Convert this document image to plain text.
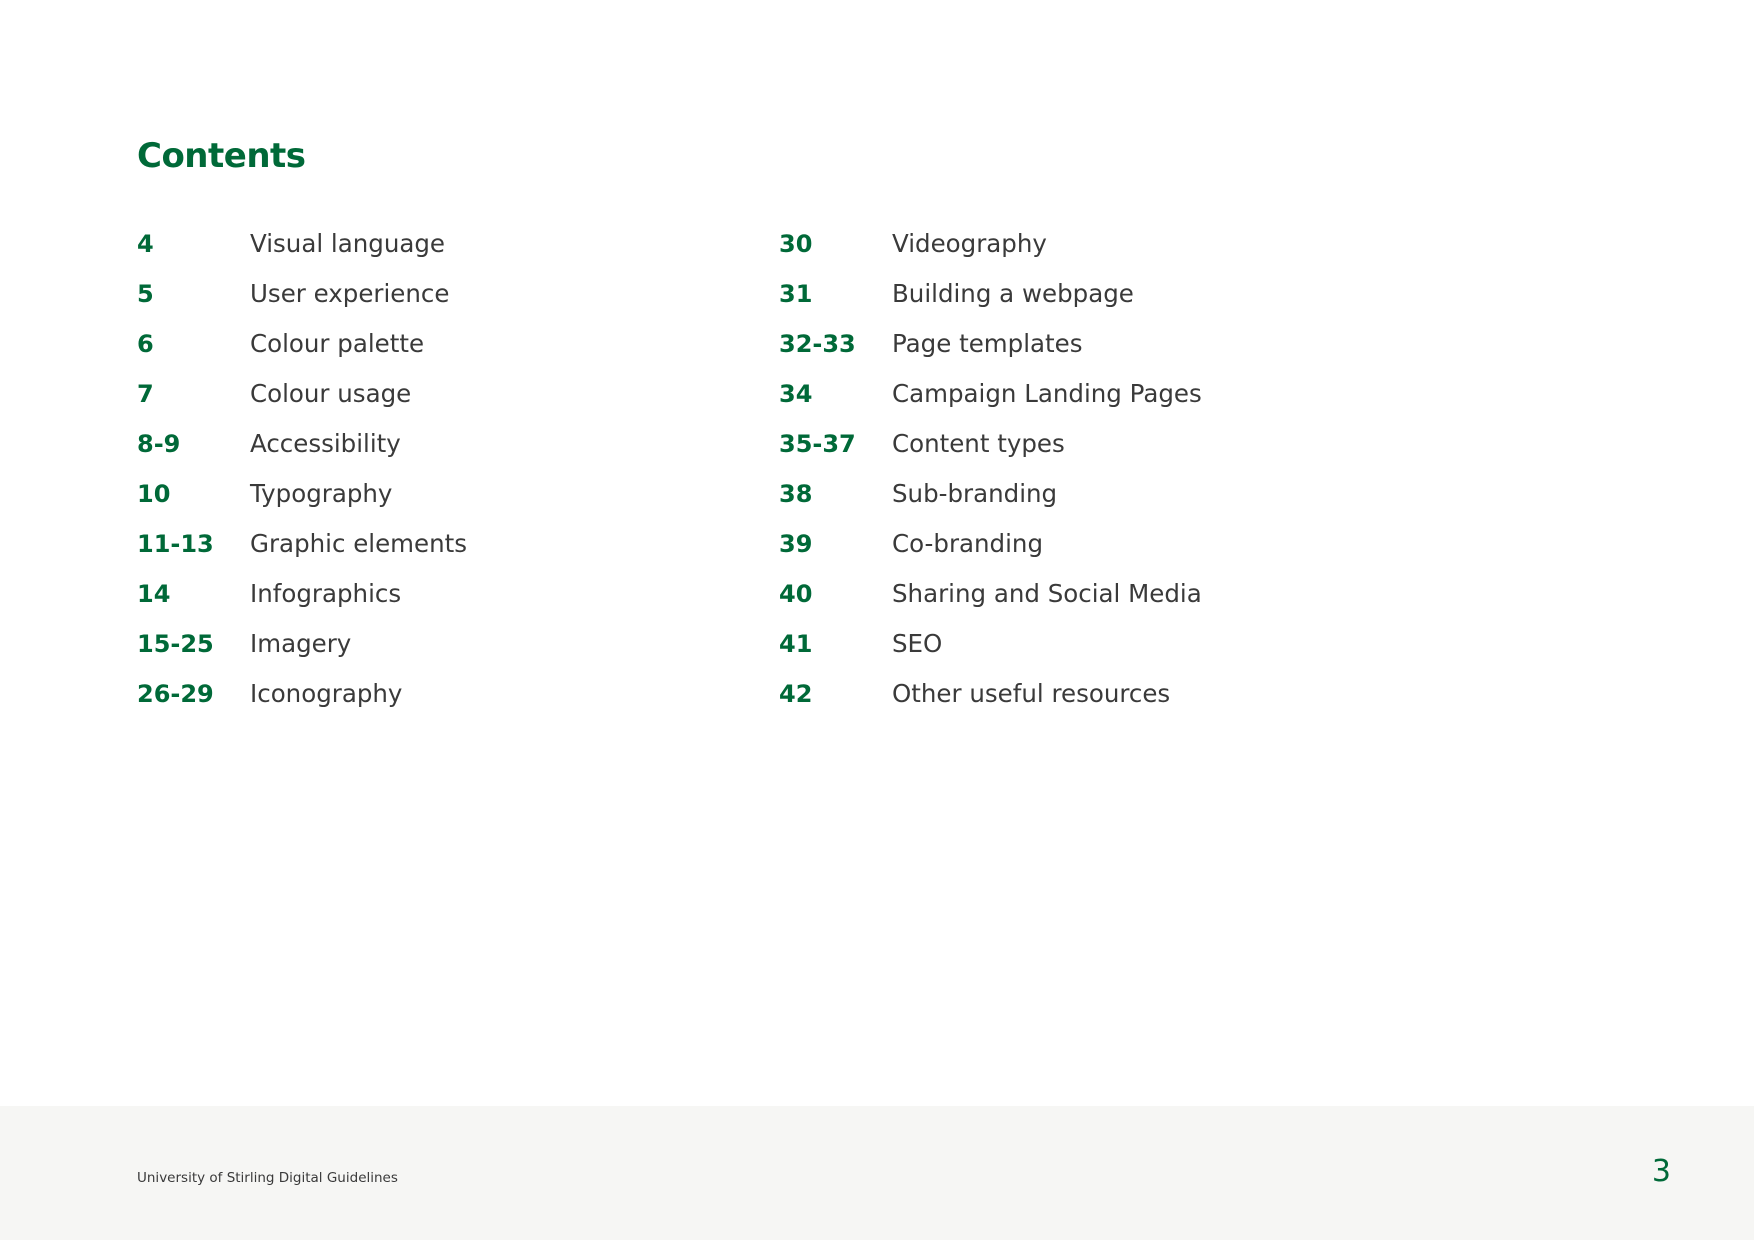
Contents
4	Visual language
5	User experience
6	Colour palette
7	Colour usage
8-9	Accessibility
10	Typography
11-13	Graphic elements
14	Infographics
15-25	Imagery
26-29	Iconography
30	Videography
31	Building a webpage
32-33	Page templates
34	Campaign Landing Pages
35-37	Content types
38	Sub-branding
39	Co-branding
40	Sharing and Social Media
41	SEO
42	Other useful resources
University of Stirling Digital Guidelines	3
